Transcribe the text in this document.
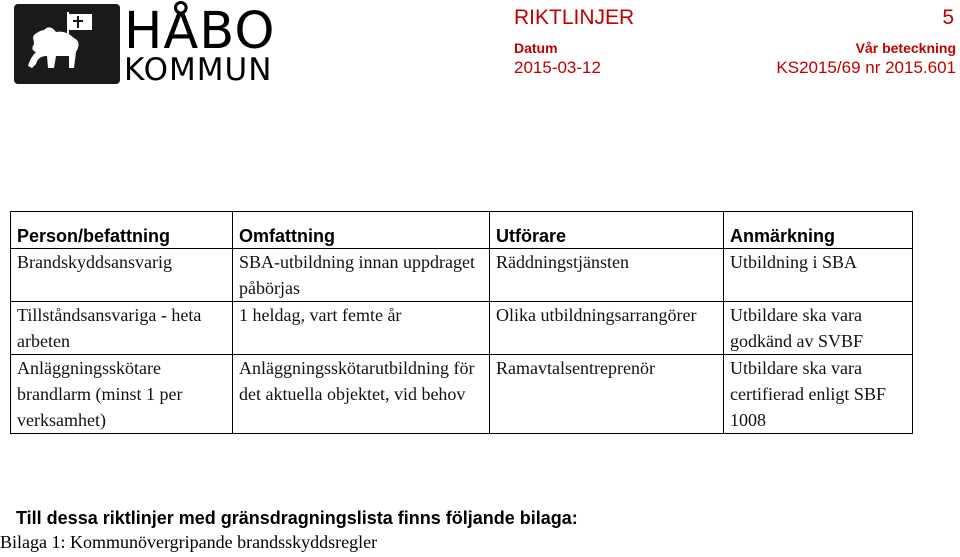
HÅBO
KOMMUN
RIKTLINJER	5
Datum
2015-03-12
Vår beteckning
KS2015/69 nr 2015.601
Person/befattning	Omfattning	Utförare	Anmärkning
Brandskyddsansvarig	SBA-utbildning innan uppdraget påbörjas	Räddningstjänsten	Utbildning i SBA
Tillståndsansvariga - heta arbeten	1 heldag, vart femte år	Olika utbildningsarrangörer	Utbildare ska vara godkänd av SVBF
Anläggningsskötare brandlarm (minst 1 per verksamhet)	Anläggningsskötarutbildning för det aktuella objektet, vid behov	Ramavtalsentreprenör	Utbildare ska vara certifierad enligt SBF 1008
Till dessa riktlinjer med gränsdragningslista finns följande bilaga:
Bilaga 1: Kommunövergripande brandsskyddsregler
